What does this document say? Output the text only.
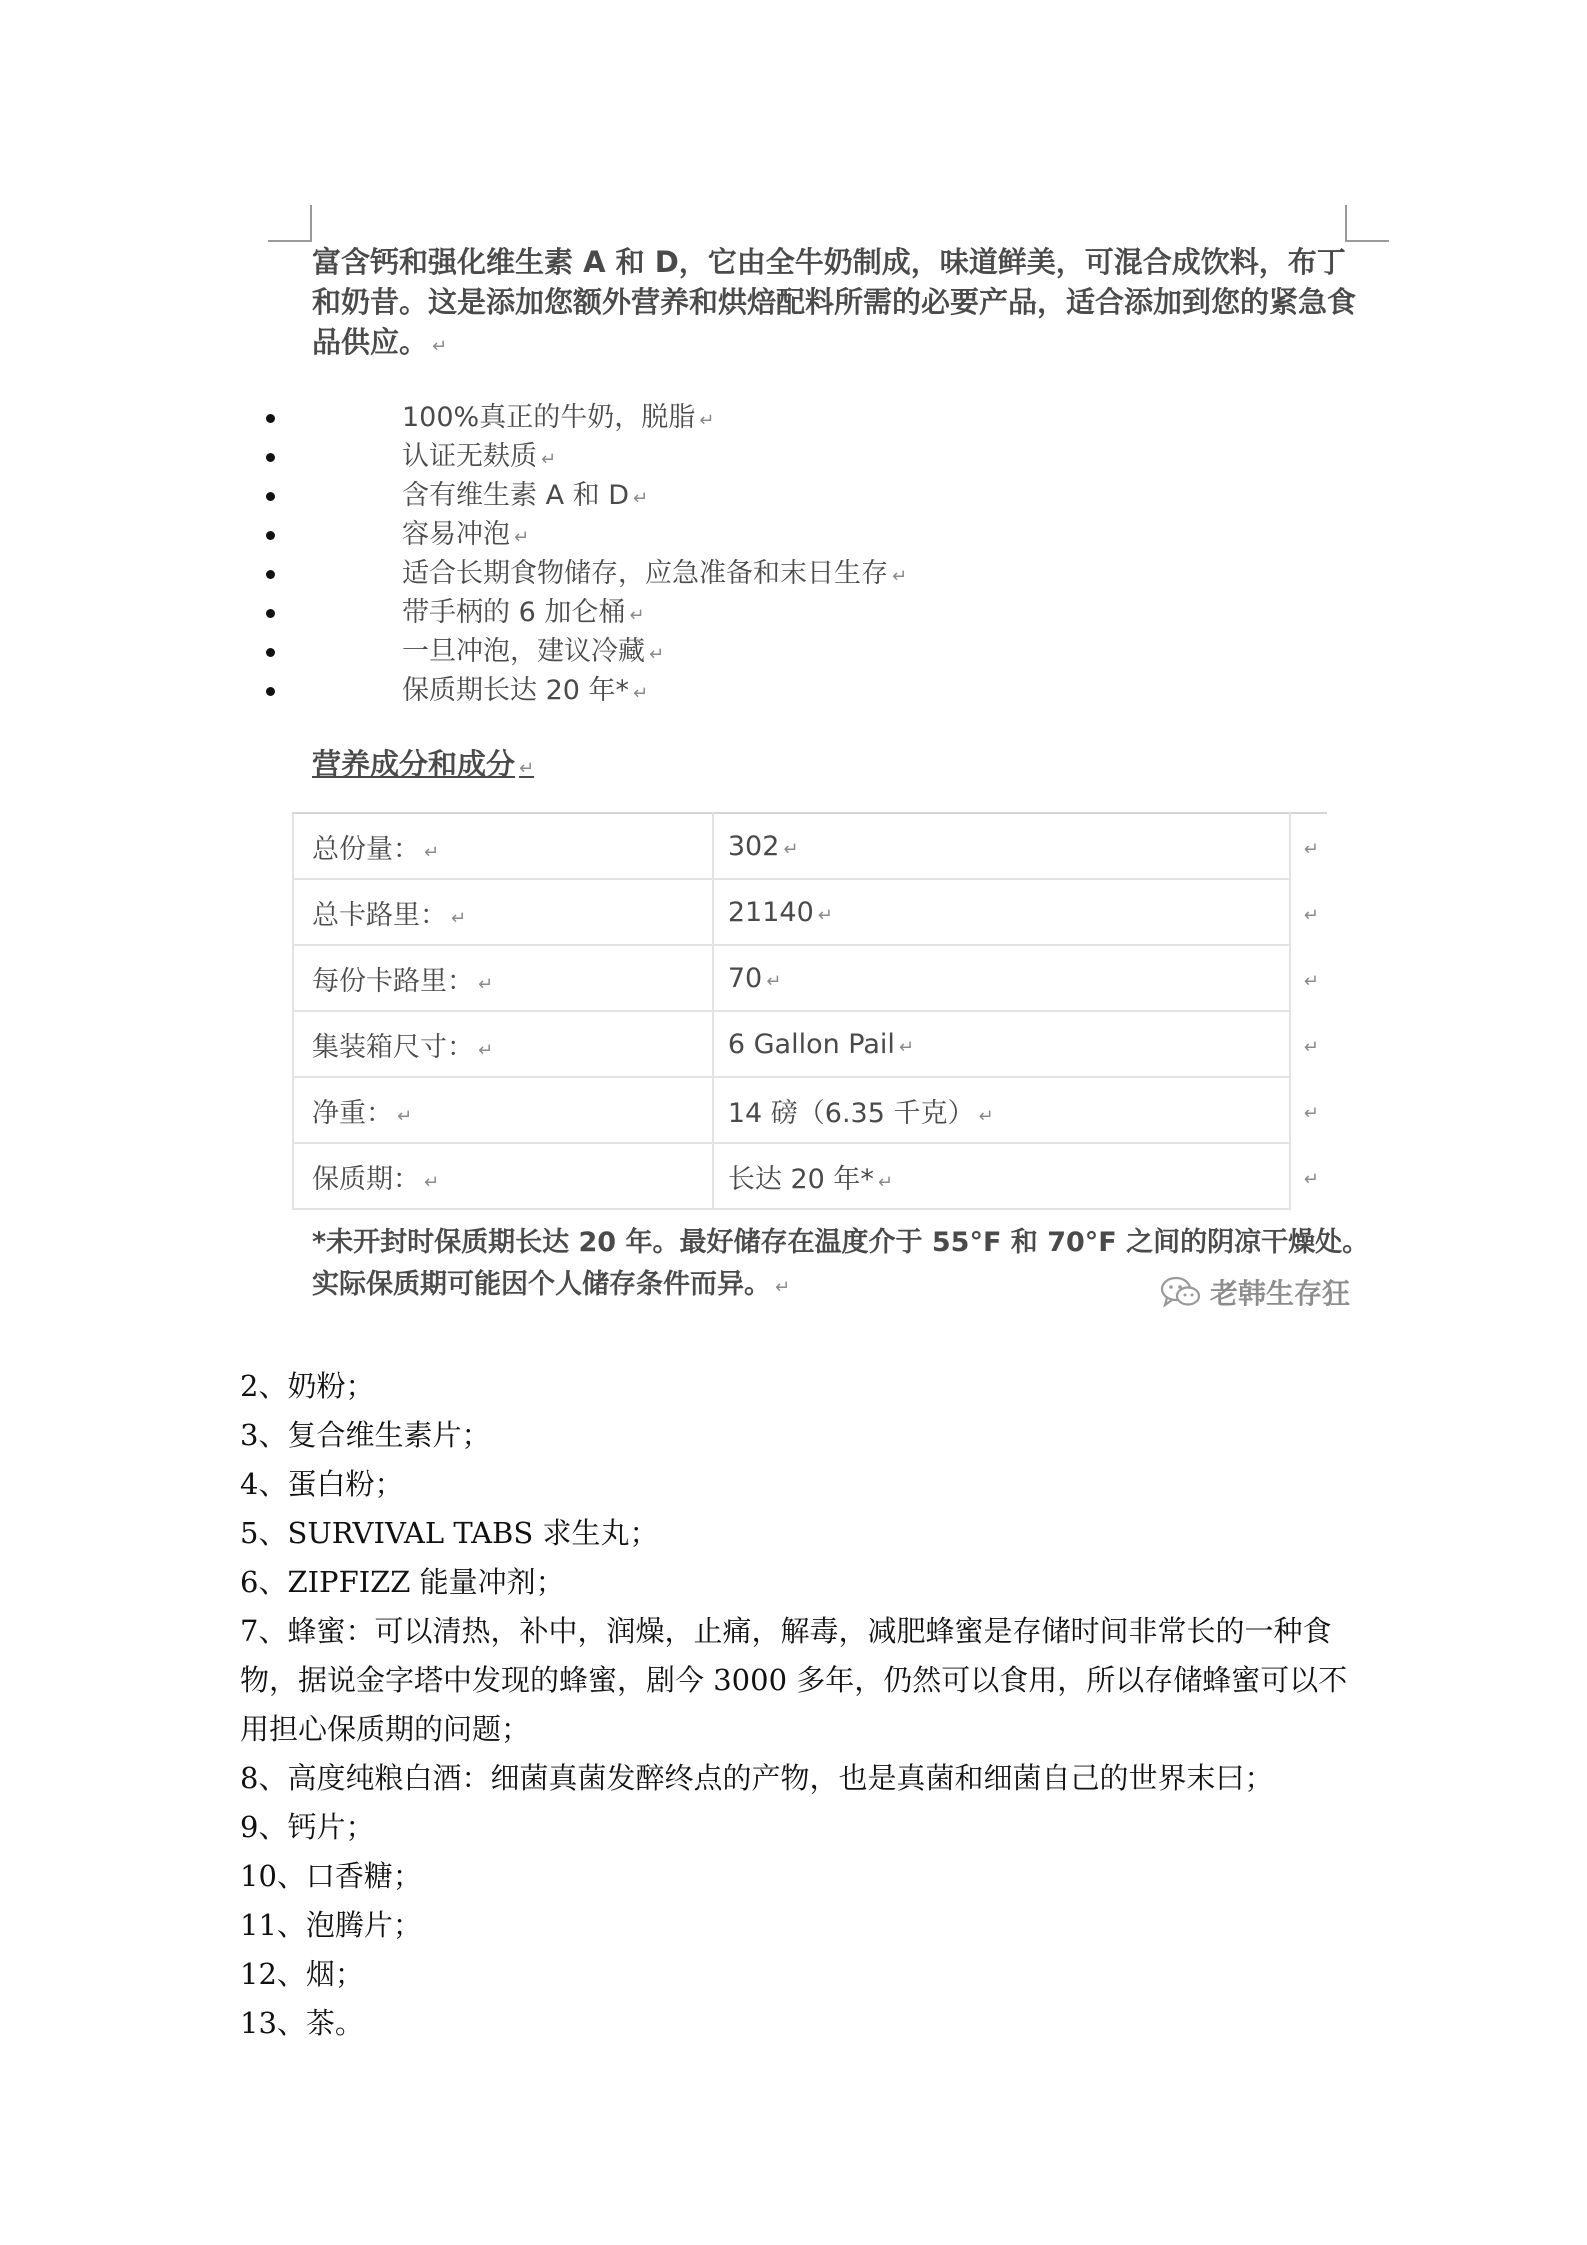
富含钙和强化维生素 A 和 D，它由全牛奶制成，味道鲜美，可混合成饮料，布丁和奶昔。这是添加您额外营养和烘焙配料所需的必要产品，适合添加到您的紧急食品供应。 ↵
100%真正的牛奶，脱脂 ↵
认证无麸质 ↵
含有维生素 A 和 D ↵
容易冲泡 ↵
适合长期食物储存，应急准备和末日生存 ↵
带手柄的 6 加仑桶 ↵
一旦冲泡，建议冷藏 ↵
保质期长达 20 年* ↵
营养成分和成分 ↵
总份量： ↵	302 ↵	↵
总卡路里： ↵	21140 ↵	↵
每份卡路里： ↵	70 ↵	↵
集装箱尺寸： ↵	6 Gallon Pail ↵	↵
净重： ↵	14 磅（6.35 千克） ↵	↵
保质期： ↵	长达 20 年* ↵	↵
*未开封时保质期长达 20 年。最好储存在温度介于 55°F 和 70°F 之间的阴凉干燥处。实际保质期可能因个人储存条件而异。 ↵	老韩生存狂
2、奶粉；
3、复合维生素片；
4、蛋白粉；
5、SURVIVAL TABS 求生丸；
6、ZIPFIZZ 能量冲剂；
7、蜂蜜：可以清热，补中，润燥，止痛，解毒，减肥蜂蜜是存储时间非常长的一种食物，据说金字塔中发现的蜂蜜，剧今 3000 多年，仍然可以食用，所以存储蜂蜜可以不用担心保质期的问题；
8、高度纯粮白酒：细菌真菌发醉终点的产物，也是真菌和细菌自己的世界末曰；
9、钙片；
10、口香糖；
11、泡腾片；
12、烟；
13、茶。
